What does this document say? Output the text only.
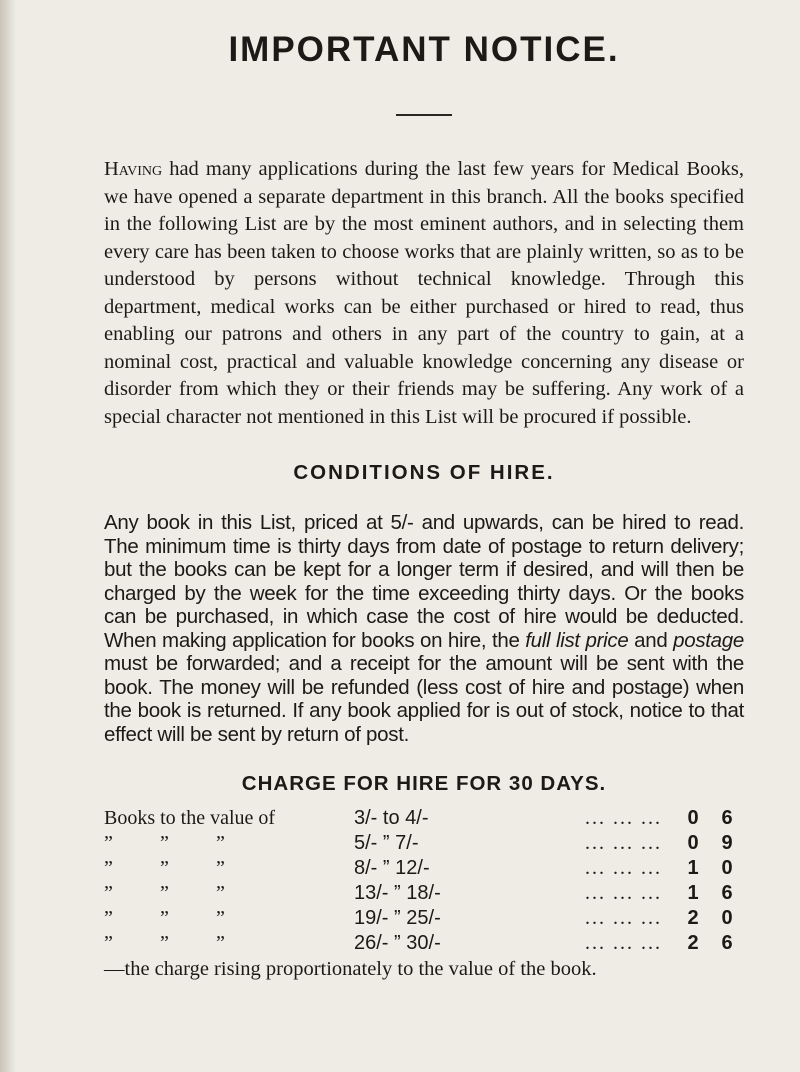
IMPORTANT NOTICE.

Having had many applications during the last few years for Medical Books, we have opened a separate department in this branch. All the books specified in the following List are by the most eminent authors, and in selecting them every care has been taken to choose works that are plainly written, so as to be understood by persons without technical knowledge. Through this department, medical works can be either purchased or hired to read, thus enabling our patrons and others in any part of the country to gain, at a nominal cost, practical and valuable knowledge concerning any disease or disorder from which they or their friends may be suffering. Any work of a special character not mentioned in this List will be procured if possible.

CONDITIONS OF HIRE.

Any book in this List, priced at 5/- and upwards, can be hired to read. The minimum time is thirty days from date of postage to return delivery; but the books can be kept for a longer term if desired, and will then be charged by the week for the time exceeding thirty days. Or the books can be purchased, in which case the cost of hire would be deducted. When making application for books on hire, the full list price and postage must be forwarded; and a receipt for the amount will be sent with the book. The money will be refunded (less cost of hire and postage) when the book is returned. If any book applied for is out of stock, notice to that effect will be sent by return of post.

CHARGE FOR HIRE FOR 30 DAYS.
Books to the value of	3/- to 4/-	... ... ...	0	6
” ” ”	5/- ” 7/-	... ... ...	0	9
” ” ”	8/- ” 12/-	... ... ...	1	0
” ” ”	13/- ” 18/-	... ... ...	1	6
” ” ”	19/- ” 25/-	... ... ...	2	0
” ” ”	26/- ” 30/-	... ... ...	2	6

—the charge rising proportionately to the value of the book.
